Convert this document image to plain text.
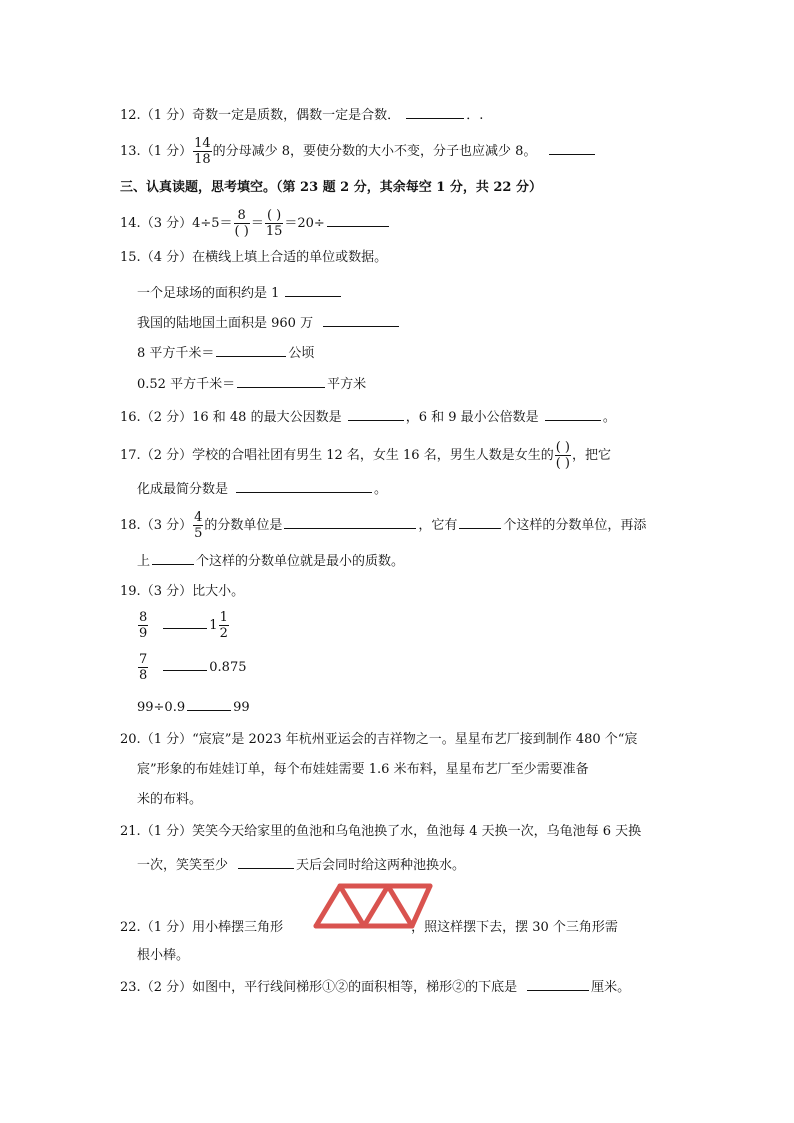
12.（1 分）奇数一定是质数，偶数一定是合数．	．.
13.（1 分） $\frac{14}{18}$ 的分母减少 8，要使分数的大小不变，分子也应减少 8。
三、认真读题，思考填空。（第 23 题 2 分，其余每空 1 分，共 22 分）
14.（3 分）$4\div 5= \frac{8}{( )} = \frac{( )}{15} =20\div$
15.（4 分）在横线上填上合适的单位或数据。
一个足球场的面积约是 1
我国的陆地国土面积是 960 万
8 平方千米＝	公顷
0.52 平方千米＝	平方米
16.（2 分）16 和 48 的最大公因数是	，6 和 9 最小公倍数是	。
17.（2 分）学校的合唱社团有男生 12 名，女生 16 名，男生人数是女生的 $\frac{( )}{( )}$ ，把它
化成最简分数是	。
18.（3 分） $\frac{4}{5}$ 的分数单位是	，它有	个这样的分数单位，再添
上	个这样的分数单位就是最小的质数。
19.（3 分）比大小。
$\frac{8}{9}$	$1 \frac{1}{2}$
$\frac{7}{8}$	0.875
99÷0.9	99
20.（1 分）“宸宸”是 2023 年杭州亚运会的吉祥物之一。星星布艺厂接到制作 480 个“宸
宸”形象的布娃娃订单，每个布娃娃需要 1.6 米布料，星星布艺厂至少需要准备
米的布料。
21.（1 分）笑笑今天给家里的鱼池和乌龟池换了水，鱼池每 4 天换一次，乌龟池每 6 天换
一次，笑笑至少	天后会同时给这两种池换水。
22.（1 分）用小棒摆三角形	，照这样摆下去，摆 30 个三角形需
根小棒。
23.（2 分）如图中，平行线间梯形①②的面积相等，梯形②的下底是	厘米。
